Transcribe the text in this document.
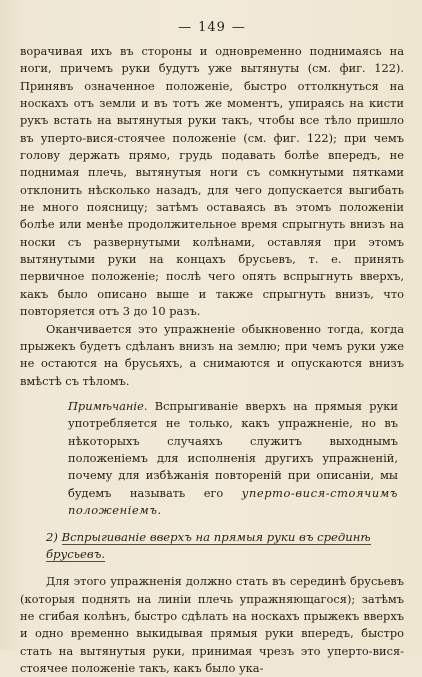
— 149 —

ворачивая ихъ въ стороны и одновременно поднимаясь на ноги, причемъ руки будутъ уже вытянуты (см. фиг. 122). Принявъ означенное положеніе, быстро оттолкнуться на носкахъ отъ земли и въ тотъ же моментъ, упираясь на кисти рукъ встать на вытянутыя руки такъ, чтобы все тѣло пришло въ уперто-вися-стоячее положеніе (см. фиг. 122); при чемъ голову держать прямо, грудь подавать болѣе впередъ, не поднимая плечь, вытянутыя ноги съ сомкнутыми пятками отклонить нѣсколько назадъ, для чего допускается выгибать не много поясницу; затѣмъ оставаясь въ этомъ положеніи болѣе или менѣе продолжительное время спрыгнуть внизъ на носки съ развернутыми колѣнами, оставляя при этомъ вытянутыми руки на концахъ брусьевъ, т. е. принять первичное положеніе; послѣ чего опять вспрыгнуть вверхъ, какъ было описано выше и также спрыгнуть внизъ, что повторяется отъ 3 до 10 разъ.

Оканчивается это упражненіе обыкновенно тогда, когда прыжекъ будетъ сдѣланъ внизъ на землю; при чемъ руки уже не остаются на брусьяхъ, а снимаются и опускаются внизъ вмѣстѣ съ тѣломъ.

Примѣчаніе. Вспрыгиваніе вверхъ на прямыя руки употребляется не только, какъ упражненіе, но въ нѣкоторыхъ случаяхъ служитъ выходнымъ положеніемъ для исполненія другихъ упражненій, почему для избѣжанія повтореній при описаніи, мы будемъ называть его уперто-вися-стоячимъ положеніемъ.

2) Вспрыгиваніе вверхъ на прямыя руки въ срединѣ брусьевъ.

Для этого упражненія должно стать въ серединѣ брусьевъ (которыя поднять на линіи плечь упражняющагося); затѣмъ не сгибая колѣнъ, быстро сдѣлать на носкахъ прыжекъ вверхъ и одно временно выкидывая прямыя руки впередъ, быстро стать на вытянутыя руки, принимая чрезъ это уперто-вися-стоячее положеніе такъ, какъ было ука-
